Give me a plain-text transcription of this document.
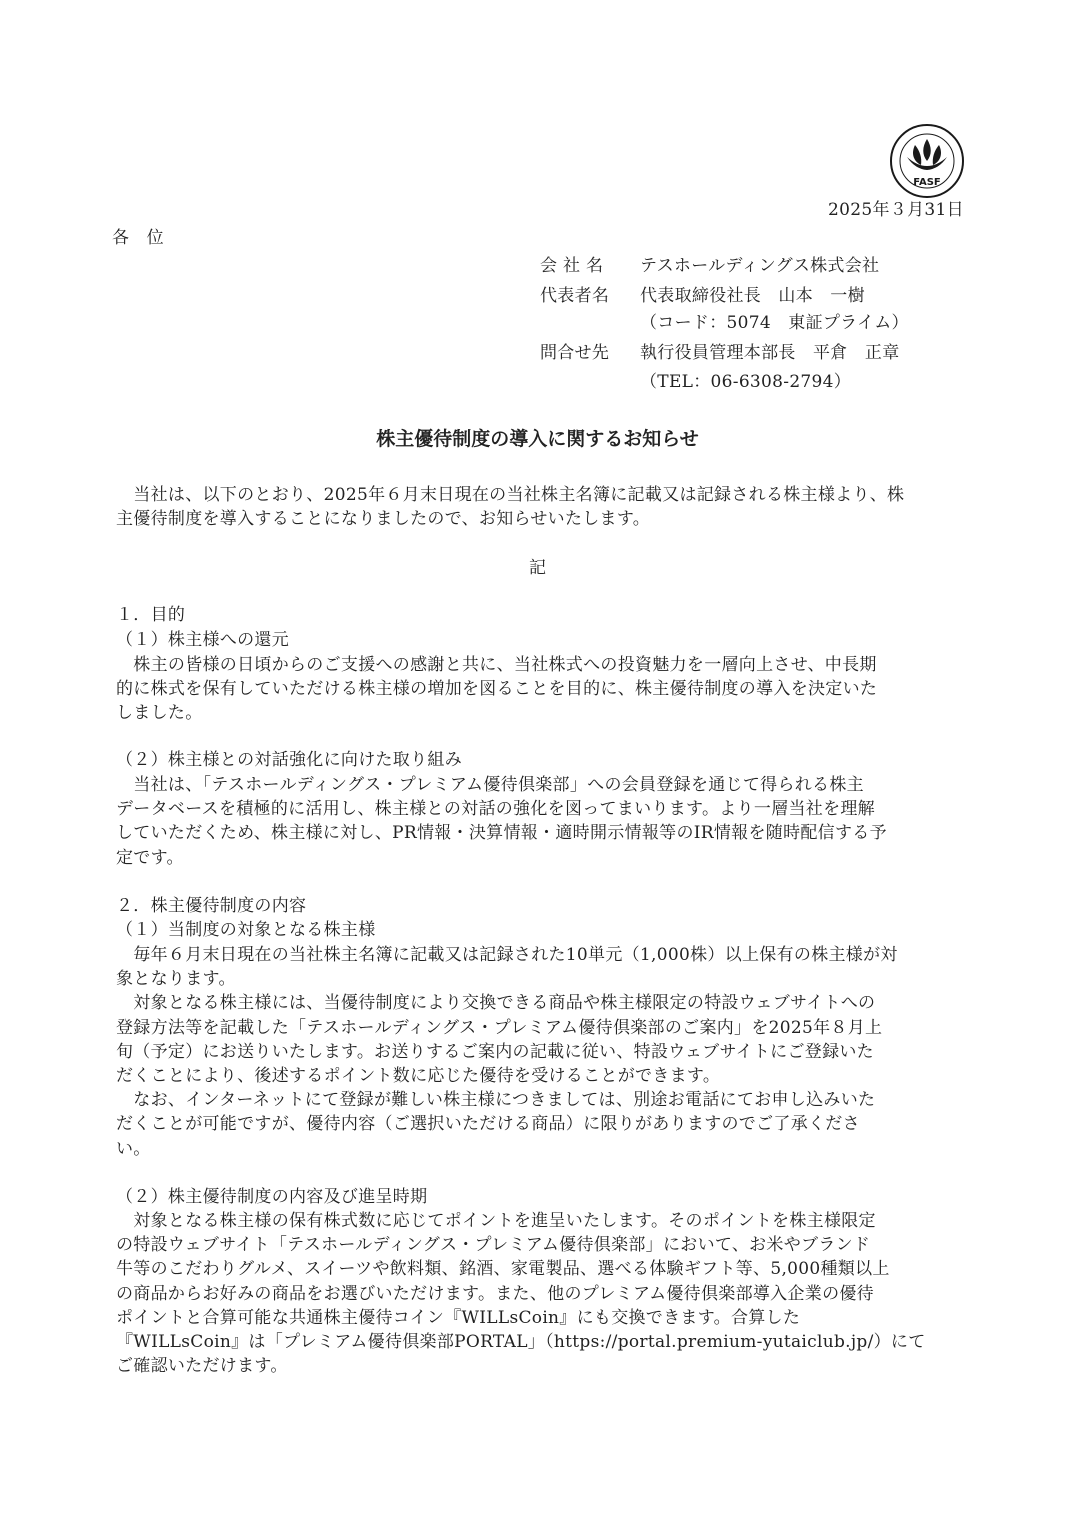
FASF
2025年３月31日
各　位
会 社 名 テスホールディングス株式会社
代表者名 代表取締役社長　山本　一樹
（コード：5074　東証プライム）
問合せ先 執行役員管理本部長　平倉　正章
（TEL：06-6308-2794）
株主優待制度の導入に関するお知らせ
　当社は、以下のとおり、2025年６月末日現在の当社株主名簿に記載又は記録される株主様より、株
主優待制度を導入することになりましたので、お知らせいたします。
記
１．目的
（１）株主様への還元
　株主の皆様の日頃からのご支援への感謝と共に、当社株式への投資魅力を一層向上させ、中長期
的に株式を保有していただける株主様の増加を図ることを目的に、株主優待制度の導入を決定いた
しました。
（２）株主様との対話強化に向けた取り組み
　当社は、「テスホールディングス・プレミアム優待倶楽部」への会員登録を通じて得られる株主
データベースを積極的に活用し、株主様との対話の強化を図ってまいります。より一層当社を理解
していただくため、株主様に対し、PR情報・決算情報・適時開示情報等のIR情報を随時配信する予
定です。
２．株主優待制度の内容
（１）当制度の対象となる株主様
　毎年６月末日現在の当社株主名簿に記載又は記録された10単元（1,000株）以上保有の株主様が対
象となります。
　対象となる株主様には、当優待制度により交換できる商品や株主様限定の特設ウェブサイトへの
登録方法等を記載した「テスホールディングス・プレミアム優待倶楽部のご案内」を2025年８月上
旬（予定）にお送りいたします。お送りするご案内の記載に従い、特設ウェブサイトにご登録いた
だくことにより、後述するポイント数に応じた優待を受けることができます。
　なお、インターネットにて登録が難しい株主様につきましては、別途お電話にてお申し込みいた
だくことが可能ですが、優待内容（ご選択いただける商品）に限りがありますのでご了承くださ
い。
（２）株主優待制度の内容及び進呈時期
　対象となる株主様の保有株式数に応じてポイントを進呈いたします。そのポイントを株主様限定
の特設ウェブサイト「テスホールディングス・プレミアム優待倶楽部」において、お米やブランド
牛等のこだわりグルメ、スイーツや飲料類、銘酒、家電製品、選べる体験ギフト等、5,000種類以上
の商品からお好みの商品をお選びいただけます。また、他のプレミアム優待倶楽部導入企業の優待
ポイントと合算可能な共通株主優待コイン『WILLsCoin』にも交換できます。合算した
『WILLsCoin』は「プレミアム優待倶楽部PORTAL」（https://portal.premium-yutaiclub.jp/）にて
ご確認いただけます。
